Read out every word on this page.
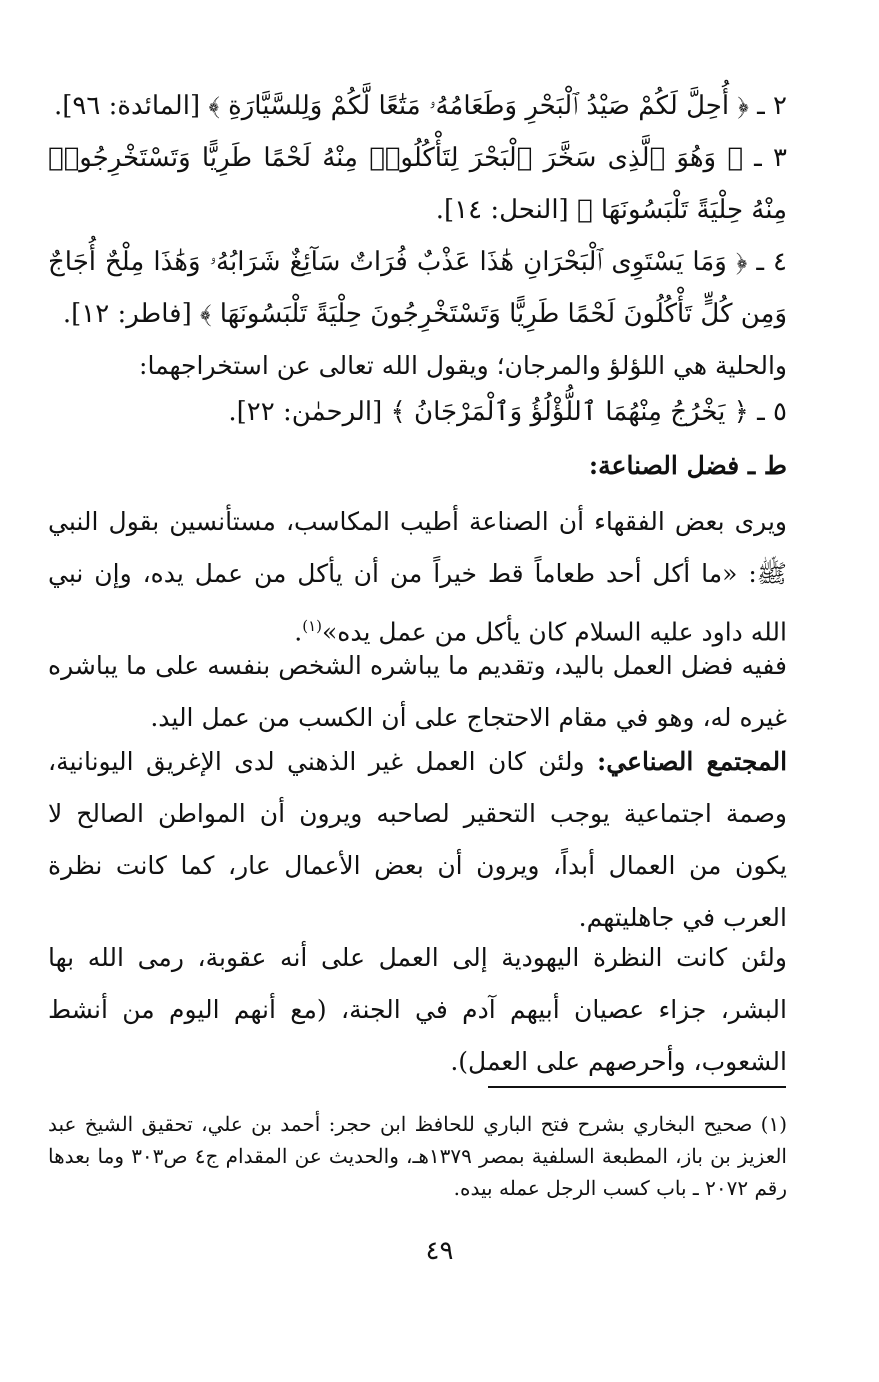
٢ ـ ﴿ أُحِلَّ لَكُمْ صَيْدُ ٱلْبَحْرِ وَطَعَامُهُۥ مَتَٰعًا لَّكُمْ وَلِلسَّيَّارَةِ ﴾ [المائدة: ٩٦].
٣ ـ ﴿ وَهُوَ ٱلَّذِى سَخَّرَ ٱلْبَحْرَ لِتَأْكُلُوا۟ مِنْهُ لَحْمًا طَرِيًّا وَتَسْتَخْرِجُوا۟ مِنْهُ حِلْيَةً تَلْبَسُونَهَا ﴾ [النحل: ١٤].
٤ ـ ﴿ وَمَا يَسْتَوِى ٱلْبَحْرَانِ هَٰذَا عَذْبٌ فُرَاتٌ سَآئِغٌ شَرَابُهُۥ وَهَٰذَا مِلْحٌ أُجَاجٌ وَمِن كُلٍّ تَأْكُلُونَ لَحْمًا طَرِيًّا وَتَسْتَخْرِجُونَ حِلْيَةً تَلْبَسُونَهَا ﴾ [فاطر: ١٢].
والحلية هي اللؤلؤ والمرجان؛ ويقول الله تعالى عن استخراجهما:
٥ ـ ﴿ يَخْرُجُ مِنْهُمَا ٱللُّؤْلُؤُ وَٱلْمَرْجَانُ ﴾ [الرحمٰن: ٢٢].
ط ـ فضل الصناعة:
ويرى بعض الفقهاء أن الصناعة أطيب المكاسب، مستأنسين بقول النبي ﷺ: «ما أكل أحد طعاماً قط خيراً من أن يأكل من عمل يده، وإن نبي الله داود عليه السلام كان يأكل من عمل يده»$^{(١)}$.
ففيه فضل العمل باليد، وتقديم ما يباشره الشخص بنفسه على ما يباشره غيره له، وهو في مقام الاحتجاج على أن الكسب من عمل اليد.
المجتمع الصناعي: ولئن كان العمل غير الذهني لدى الإغريق اليونانية، وصمة اجتماعية يوجب التحقير لصاحبه ويرون أن المواطن الصالح لا يكون من العمال أبداً، ويرون أن بعض الأعمال عار، كما كانت نظرة العرب في جاهليتهم.
ولئن كانت النظرة اليهودية إلى العمل على أنه عقوبة، رمى الله بها البشر، جزاء عصيان أبيهم آدم في الجنة، (مع أنهم اليوم من أنشط الشعوب، وأحرصهم على العمل).
(١) صحيح البخاري بشرح فتح الباري للحافظ ابن حجر: أحمد بن علي، تحقيق الشيخ عبد العزيز بن باز، المطبعة السلفية بمصر ١٣٧٩هـ، والحديث عن المقدام ج٤ ص٣٠٣ وما بعدها رقم ٢٠٧٢ ـ باب كسب الرجل عمله بيده.
٤٩
